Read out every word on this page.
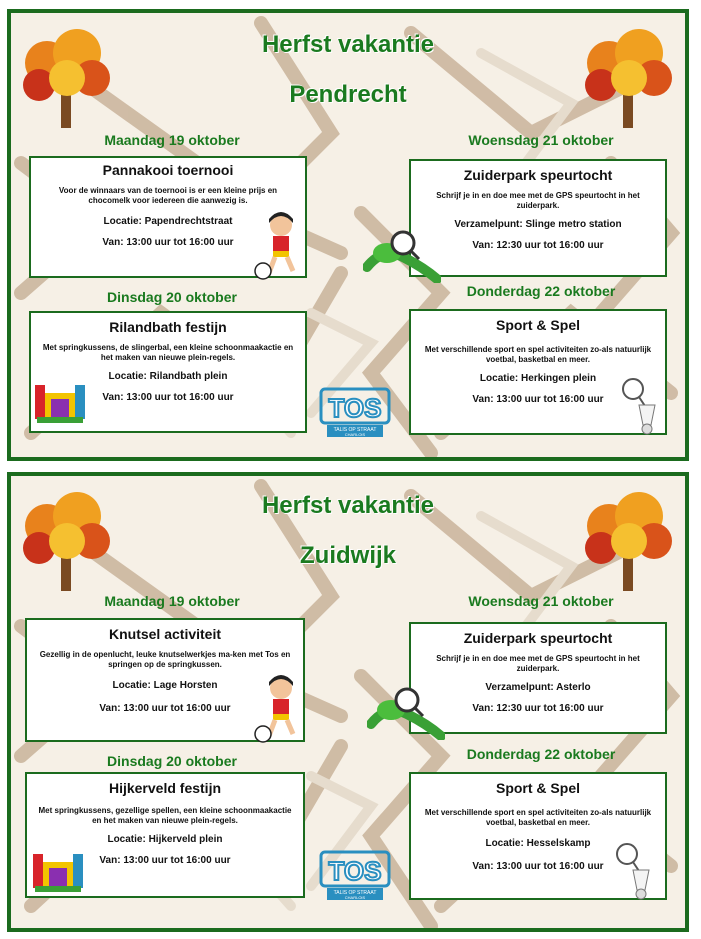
Herfst vakantie
Pendrecht
Maandag 19 oktober
Pannakooi toernooi

Voor de winnaars van de toernooi is er een kleine prijs en chocomelk voor iedereen die aanwezig is.

Locatie: Papendrechtstraat
Van: 13:00 uur tot 16:00 uur
Dinsdag 20 oktober
Rilandbath festijn

Met springkussens, de slingerbal, een kleine schoonmaakactie en het maken van nieuwe plein-regels.

Locatie: Rilandbath plein
Van: 13:00 uur tot 16:00 uur	TOS
TALIS OP STRAAT
CHARLOIS
Woensdag 21 oktober
Zuiderpark speurtocht

Schrijf je in en doe mee met de GPS speurtocht in het zuiderpark.

Verzamelpunt: Slinge metro station
Van: 12:30 uur tot 16:00 uur
Donderdag 22 oktober
Sport & Spel

Met verschillende sport en spel activiteiten zo-als natuurlijk voetbal, basketbal en meer.

Locatie: Herkingen plein
Van: 13:00 uur tot 16:00 uur
Herfst vakantie
Zuidwijk
Maandag 19 oktober
Knutsel activiteit

Gezellig in de openlucht, leuke knutselwerkjes ma-ken met Tos en springen op de springkussen.

Locatie: Lage Horsten
Van: 13:00 uur tot 16:00 uur
Dinsdag 20 oktober
Hijkerveld festijn

Met springkussens, gezellige spellen, een kleine schoonmaakactie en het maken van nieuwe plein-regels.

Locatie: Hijkerveld plein
Van: 13:00 uur tot 16:00 uur	TOS
TALIS OP STRAAT
CHARLOIS
Woensdag 21 oktober
Zuiderpark speurtocht

Schrijf je in en doe mee met de GPS speurtocht in het zuiderpark.

Verzamelpunt: Asterlo
Van: 12:30 uur tot 16:00 uur
Donderdag 22 oktober
Sport & Spel

Met verschillende sport en spel activiteiten zo-als natuurlijk voetbal, basketbal en meer.

Locatie: Hesselskamp
Van: 13:00 uur tot 16:00 uur
